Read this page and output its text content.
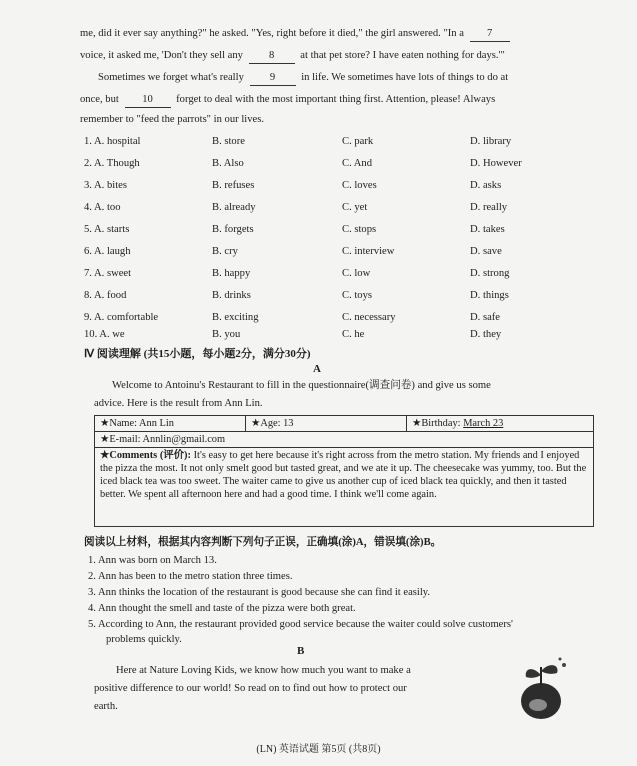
me, did it ever say anything?" he asked. "Yes, right before it died," the girl answered. "In a 7
voice, it asked me, 'Don't they sell any 8 at that pet store? I have eaten nothing for days.'"
Sometimes we forget what's really 9 in life. We sometimes have lots of things to do at
once, but 10 forget to deal with the most important thing first. Attention, please! Always
remember to "feed the parrots" in our lives.
1. A. hospital	B. store	C. park	D. library
2. A. Though	B. Also	C. And	D. However
3. A. bites	B. refuses	C. loves	D. asks
4. A. too	B. already	C. yet	D. really
5. A. starts	B. forgets	C. stops	D. takes
6. A. laugh	B. cry	C. interview	D. save
7. A. sweet	B. happy	C. low	D. strong
8. A. food	B. drinks	C. toys	D. things
9. A. comfortable	B. exciting	C. necessary	D. safe
10. A. we	B. you	C. he	D. they
Ⅳ 阅读理解 (共15小题，每小题2分，满分30分)
A
Welcome to Antoinu's Restaurant to fill in the questionnaire(调查问卷) and give us some
advice. Here is the result from Ann Lin.
★Name: Ann Lin	★Age: 13	★Birthday: March 23
★E-mail: Annlin@gmail.com
★Comments (评价): It's easy to get here because it's right across from the metro station. My friends and I enjoyed the pizza the most. It not only smelt good but tasted great, and we ate it up. The cheesecake was yummy, too. But the iced black tea was too sweet. The waiter came to give us another cup of iced black tea quickly, and then it tasted better. We spent all afternoon here and had a good time. I think we'll come again.
阅读以上材料，根据其内容判断下列句子正误，正确填(涂)A，错误填(涂)B。
1. Ann was born on March 13.
2. Ann has been to the metro station three times.
3. Ann thinks the location of the restaurant is good because she can find it easily.
4. Ann thought the smell and taste of the pizza were both great.
5. According to Ann, the restaurant provided good service because the waiter could solve customers'
problems quickly.
B
Here at Nature Loving Kids, we know how much you want to make a
positive difference to our world! So read on to find out how to protect our
earth.
(LN) 英语试题 第5页 (共8页)
